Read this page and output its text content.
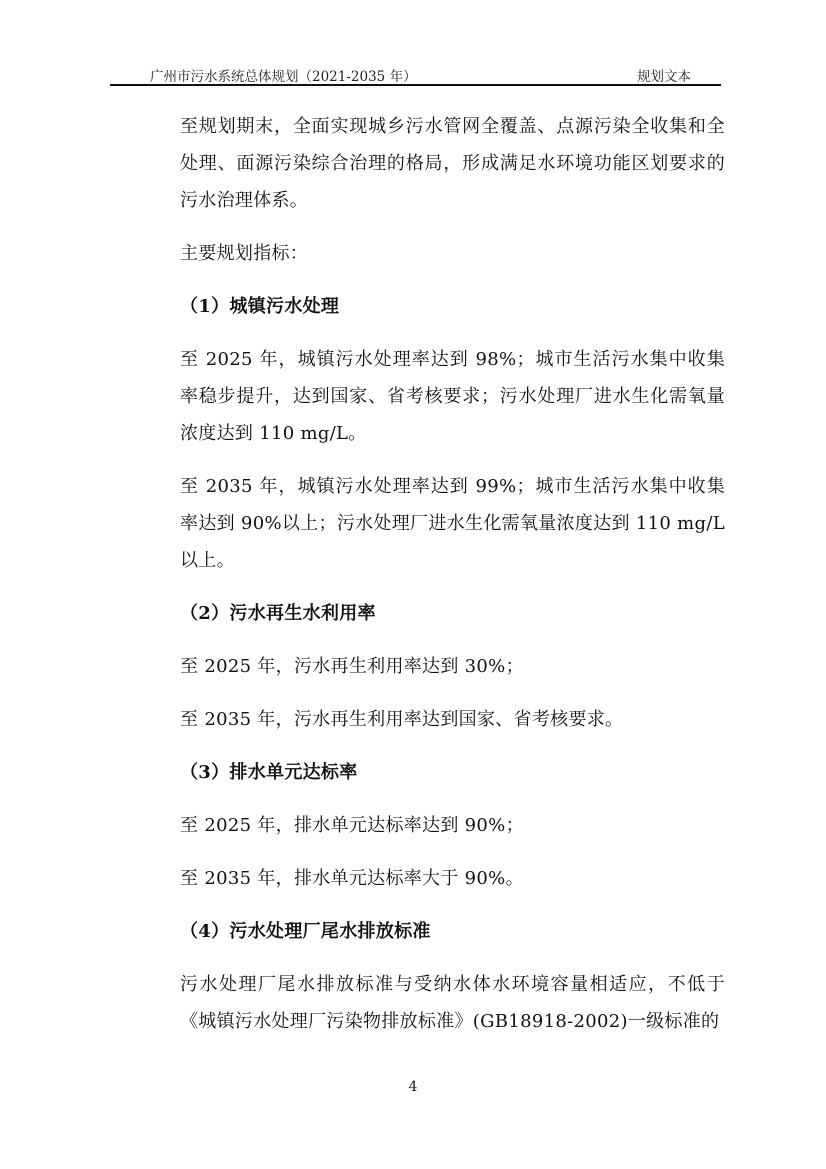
广州市污水系统总体规划（2021-2035 年）	规划文本

至规划期末，全面实现城乡污水管网全覆盖、点源污染全收集和全处理、面源污染综合治理的格局，形成满足水环境功能区划要求的污水治理体系。

主要规划指标：

（1）城镇污水处理

至 2025 年，城镇污水处理率达到 98%；城市生活污水集中收集率稳步提升，达到国家、省考核要求；污水处理厂进水生化需氧量浓度达到 110 mg/L。

至 2035 年，城镇污水处理率达到 99%；城市生活污水集中收集率达到 90%以上；污水处理厂进水生化需氧量浓度达到 110 mg/L 以上。

（2）污水再生水利用率

至 2025 年，污水再生利用率达到 30%；

至 2035 年，污水再生利用率达到国家、省考核要求。

（3）排水单元达标率

至 2025 年，排水单元达标率达到 90%；

至 2035 年，排水单元达标率大于 90%。

（4）污水处理厂尾水排放标准

污水处理厂尾水排放标准与受纳水体水环境容量相适应，不低于《城镇污水处理厂污染物排放标准》(GB18918-2002)一级标准的

4
